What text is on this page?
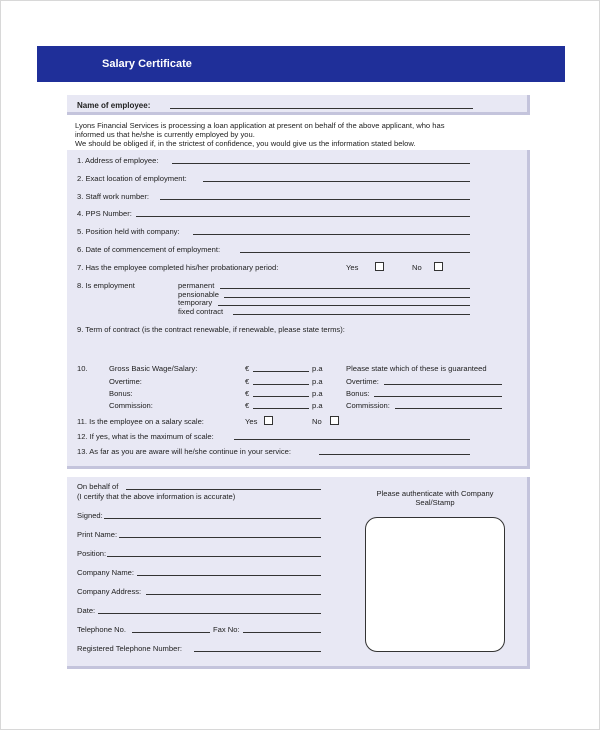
Salary Certificate
Name of employee:
Lyons Financial Services is processing a loan application at present on behalf of the above applicant, who has
informed us that he/she is currently employed by you.
We should be obliged if, in the strictest of confidence, you would give us the information stated below.
1. Address of employee:
2. Exact location of employment:
3. Staff work number:
4. PPS Number:
5. Position held with company:
6. Date of commencement of employment:
7. Has the employee completed his/her probationary period:	Yes	No
8. Is employment	permanent
pensionable
temporary
fixed contract
9. Term of contract (is the contract renewable, if renewable, please state terms):
10.	Gross Basic Wage/Salary:	€	p.a
Overtime:	€	p.a
Bonus:	€	p.a
Commission:	€	p.a
Please state which of these is guaranteed
Overtime:
Bonus:
Commission:
11. Is the employee on a salary scale:	Yes	No
12. If yes, what is the maximum of scale:
13. As far as you are aware will he/she continue in your service:
On behalf of
(I certify that the above information is accurate)
Signed:
Print Name:
Position:
Company Name:
Company Address:
Date:
Telephone No.	Fax No:
Registered Telephone Number:
Please authenticate with Company
Seal/Stamp
